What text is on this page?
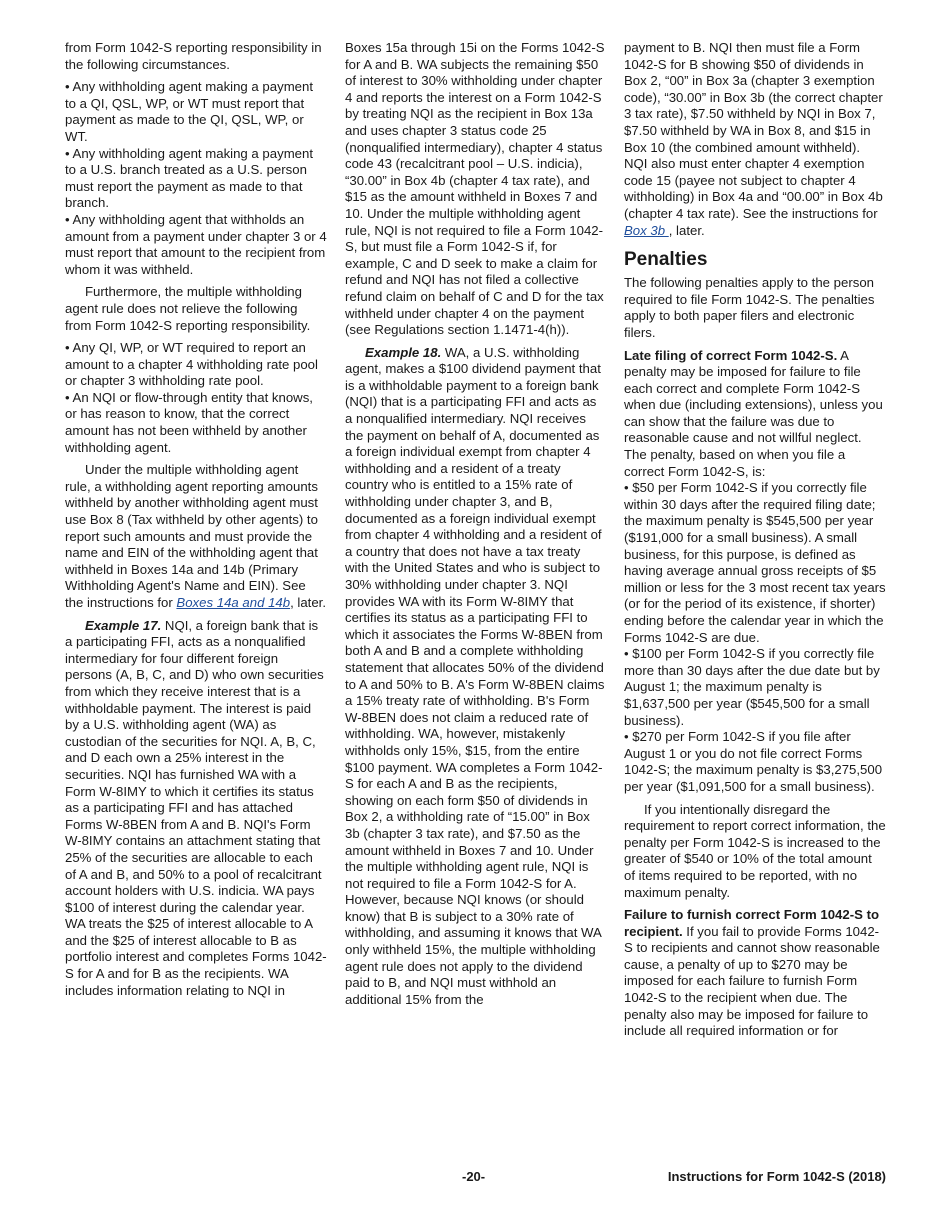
from Form 1042-S reporting responsibility in the following circumstances.

• Any withholding agent making a payment to a QI, QSL, WP, or WT must report that payment as made to the QI, QSL, WP, or WT.

• Any withholding agent making a payment to a U.S. branch treated as a U.S. person must report the payment as made to that branch.

• Any withholding agent that withholds an amount from a payment under chapter 3 or 4 must report that amount to the recipient from whom it was withheld.

Furthermore, the multiple withholding agent rule does not relieve the following from Form 1042-S reporting responsibility.

• Any QI, WP, or WT required to report an amount to a chapter 4 withholding rate pool or chapter 3 withholding rate pool.

• An NQI or flow-through entity that knows, or has reason to know, that the correct amount has not been withheld by another withholding agent.

Under the multiple withholding agent rule, a withholding agent reporting amounts withheld by another withholding agent must use Box 8 (Tax withheld by other agents) to report such amounts and must provide the name and EIN of the withholding agent that withheld in Boxes 14a and 14b (Primary Withholding Agent's Name and EIN). See the instructions for Boxes 14a and 14b, later.

Example 17. NQI, a foreign bank that is a participating FFI, acts as a nonqualified intermediary for four different foreign persons (A, B, C, and D) who own securities from which they receive interest that is a withholdable payment. The interest is paid by a U.S. withholding agent (WA) as custodian of the securities for NQI. A, B, C, and D each own a 25% interest in the securities. NQI has furnished WA with a Form W-8IMY to which it certifies its status as a participating FFI and has attached Forms W-8BEN from A and B. NQI's Form W-8IMY contains an attachment stating that 25% of the securities are allocable to each of A and B, and 50% to a pool of recalcitrant account holders with U.S. indicia. WA pays $100 of interest during the calendar year. WA treats the $25 of interest allocable to A and the $25 of interest allocable to B as portfolio interest and completes Forms 1042-S for A and for B as the recipients. WA includes information relating to NQI in

Boxes 15a through 15i on the Forms 1042-S for A and B. WA subjects the remaining $50 of interest to 30% withholding under chapter 4 and reports the interest on a Form 1042-S by treating NQI as the recipient in Box 13a and uses chapter 3 status code 25 (nonqualified intermediary), chapter 4 status code 43 (recalcitrant pool – U.S. indicia), “30.00” in Box 4b (chapter 4 tax rate), and $15 as the amount withheld in Boxes 7 and 10. Under the multiple withholding agent rule, NQI is not required to file a Form 1042-S, but must file a Form 1042-S if, for example, C and D seek to make a claim for refund and NQI has not filed a collective refund claim on behalf of C and D for the tax withheld under chapter 4 on the payment (see Regulations section 1.1471-4(h)).

Example 18. WA, a U.S. withholding agent, makes a $100 dividend payment that is a withholdable payment to a foreign bank (NQI) that is a participating FFI and acts as a nonqualified intermediary. NQI receives the payment on behalf of A, documented as a foreign individual exempt from chapter 4 withholding and a resident of a treaty country who is entitled to a 15% rate of withholding under chapter 3, and B, documented as a foreign individual exempt from chapter 4 withholding and a resident of a country that does not have a tax treaty with the United States and who is subject to 30% withholding under chapter 3. NQI provides WA with its Form W-8IMY that certifies its status as a participating FFI to which it associates the Forms W-8BEN from both A and B and a complete withholding statement that allocates 50% of the dividend to A and 50% to B. A's Form W-8BEN claims a 15% treaty rate of withholding. B's Form W-8BEN does not claim a reduced rate of withholding. WA, however, mistakenly withholds only 15%, $15, from the entire $100 payment. WA completes a Form 1042-S for each A and B as the recipients, showing on each form $50 of dividends in Box 2, a withholding rate of “15.00” in Box 3b (chapter 3 tax rate), and $7.50 as the amount withheld in Boxes 7 and 10. Under the multiple withholding agent rule, NQI is not required to file a Form 1042-S for A. However, because NQI knows (or should know) that B is subject to a 30% rate of withholding, and assuming it knows that WA only withheld 15%, the multiple withholding agent rule does not apply to the dividend paid to B, and NQI must withhold an additional 15% from the

payment to B. NQI then must file a Form 1042-S for B showing $50 of dividends in Box 2, “00” in Box 3a (chapter 3 exemption code), “30.00” in Box 3b (the correct chapter 3 tax rate), $7.50 withheld by NQI in Box 7, $7.50 withheld by WA in Box 8, and $15 in Box 10 (the combined amount withheld). NQI also must enter chapter 4 exemption code 15 (payee not subject to chapter 4 withholding) in Box 4a and “00.00” in Box 4b (chapter 4 tax rate). See the instructions for Box 3b , later.

Penalties

The following penalties apply to the person required to file Form 1042-S. The penalties apply to both paper filers and electronic filers.

Late filing of correct Form 1042-S. A penalty may be imposed for failure to file each correct and complete Form 1042-S when due (including extensions), unless you can show that the failure was due to reasonable cause and not willful neglect. The penalty, based on when you file a correct Form 1042-S, is:

• $50 per Form 1042-S if you correctly file within 30 days after the required filing date; the maximum penalty is $545,500 per year ($191,000 for a small business). A small business, for this purpose, is defined as having average annual gross receipts of $5 million or less for the 3 most recent tax years (or for the period of its existence, if shorter) ending before the calendar year in which the Forms 1042-S are due.

• $100 per Form 1042-S if you correctly file more than 30 days after the due date but by August 1; the maximum penalty is $1,637,500 per year ($545,500 for a small business).

• $270 per Form 1042-S if you file after August 1 or you do not file correct Forms 1042-S; the maximum penalty is $3,275,500 per year ($1,091,500 for a small business).

If you intentionally disregard the requirement to report correct information, the penalty per Form 1042-S is increased to the greater of $540 or 10% of the total amount of items required to be reported, with no maximum penalty.

Failure to furnish correct Form 1042-S to recipient. If you fail to provide Forms 1042-S to recipients and cannot show reasonable cause, a penalty of up to $270 may be imposed for each failure to furnish Form 1042-S to the recipient when due. The penalty also may be imposed for failure to include all required information or for

-20-	Instructions for Form 1042-S (2018)
